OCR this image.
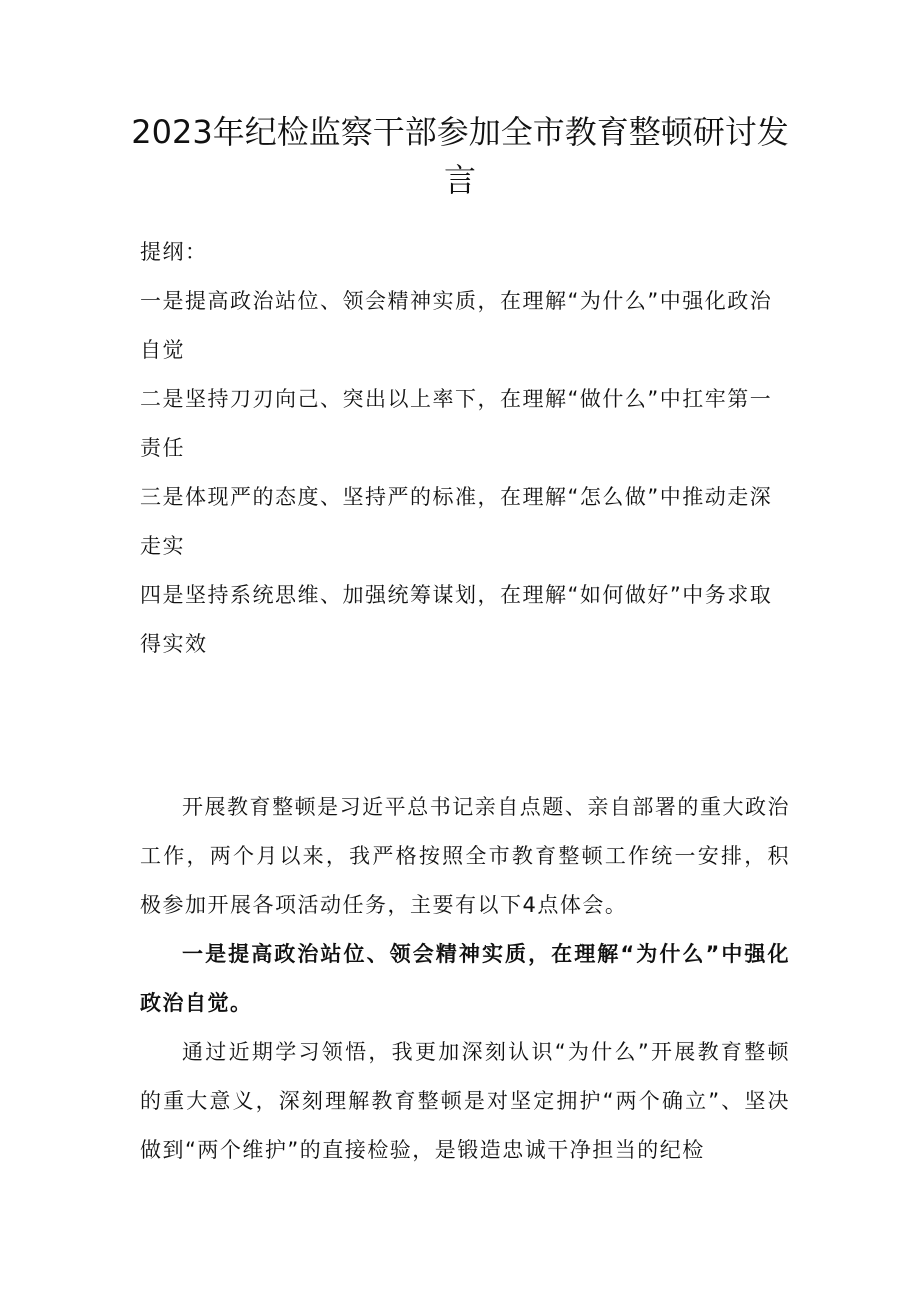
2023年纪检监察干部参加全市教育整顿研讨发言

提纲：

一是提高政治站位、领会精神实质，在理解“为什么”中强化政治自觉

二是坚持刀刃向己、突出以上率下，在理解“做什么”中扛牢第一责任

三是体现严的态度、坚持严的标准，在理解“怎么做”中推动走深走实

四是坚持系统思维、加强统筹谋划，在理解“如何做好”中务求取得实效

开展教育整顿是习近平总书记亲自点题、亲自部署的重大政治工作，两个月以来，我严格按照全市教育整顿工作统一安排，积极参加开展各项活动任务，主要有以下4点体会。

一是提高政治站位、领会精神实质，在理解“为什么”中强化政治自觉。

通过近期学习领悟，我更加深刻认识“为什么”开展教育整顿的重大意义，深刻理解教育整顿是对坚定拥护“两个确立”、坚决做到“两个维护”的直接检验，是锻造忠诚干净担当的纪检
